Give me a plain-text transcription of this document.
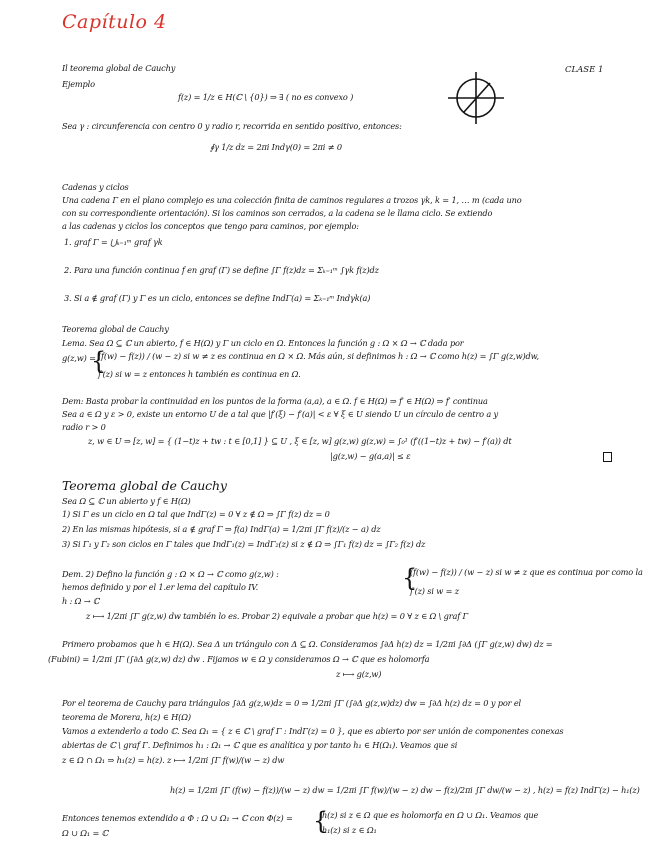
Capítulo 4
CLASE 1
{
{
{
Il teorema global de Cauchy
Ejemplo
f(z) = 1/z ∈ H(ℂ \ {0}) ⇒ ∃ ( no es convexo )
Sea γ : circunferencia con centro 0 y radio r, recorrida en sentido positivo, entonces:
∮γ 1/z dz = 2πi Indγ(0) = 2πi ≠ 0
Cadenas y ciclos
Una cadena Γ en el plano complejo es una colección finita de caminos regulares a trozos γk, k = 1, … m (cada uno
con su correspondiente orientación). Si los caminos son cerrados, a la cadena se le llama ciclo. Se extiendo
a las cadenas y ciclos los conceptos que tengo para caminos, por ejemplo:
1. graf Γ = ⋃ₖ₌₁ᵐ graf γk
2. Para una función continua f en graf (Γ) se define ∫Γ f(z)dz = Σₖ₌₁ᵐ ∫γk f(z)dz
3. Si a ∉ graf (Γ) y Γ es un ciclo, entonces se define IndΓ(a) = Σₖ₌₁ᵐ Indγk(a)
Teorema global de Cauchy
Lema. Sea Ω ⊆ ℂ un abierto, f ∈ H(Ω) y Γ un ciclo en Ω. Entonces la función g : Ω × Ω → ℂ dada por
g(z,w) = (f(w) − f(z)) / (w − z) si w ≠ z es continua en Ω × Ω. Más aún, si definimos h : Ω → ℂ como h(z) = ∫Γ g(z,w)dw,
f′(z) si w = z entonces h también es continua en Ω.
Dem: Basta probar la continuidad en los puntos de la forma (a,a), a ∈ Ω. f ∈ H(Ω) ⇒ f′ ∈ H(Ω) ⇒ f′ continua
Sea a ∈ Ω y ε > 0, existe un entorno U de a tal que |f′(ξ) − f′(a)| < ε ∀ ξ ∈ U siendo U un círculo de centro a y
radio r > 0
z, w ∈ U ⇒ [z, w] = { (1−t)z + tw : t ∈ [0,1] } ⊆ U , ξ ∈ [z, w] g(z,w) g(z,w) = ∫₀¹ (f′((1−t)z + tw) − f′(a)) dt
|g(z,w) − g(a,a)| ≤ ε
Teorema global de Cauchy
Sea Ω ⊆ ℂ un abierto y f ∈ H(Ω)
1) Si Γ es un ciclo en Ω tal que IndΓ(z) = 0 ∀ z ∉ Ω ⇒ ∫Γ f(z) dz = 0
2) En las mismas hipótesis, si a ∉ graf Γ ⇒ f(a) IndΓ(a) = 1/2πi ∫Γ f(z)/(z − a) dz
3) Si Γ₁ y Γ₂ son ciclos en Γ tales que IndΓ₁(z) = IndΓ₂(z) si z ∉ Ω ⇒ ∫Γ₁ f(z) dz = ∫Γ₂ f(z) dz
Dem. 2) Defino la función g : Ω × Ω → ℂ como g(z,w) :	(f(w) − f(z)) / (w − z) si w ≠ z que es continua por como la
f′(z) si w = z
hemos definido y por el 1.er lema del capítulo IV.
h : Ω → ℂ
z ⟼ 1/2πi ∫Γ g(z,w) dw también lo es. Probar 2) equivale a probar que h(z) = 0 ∀ z ∈ Ω \ graf Γ
Primero probamos que h ∈ H(Ω). Sea Δ un triángulo con Δ ⊆ Ω. Consideramos ∫∂Δ h(z) dz = 1/2πi ∫∂Δ (∫Γ g(z,w) dw) dz =
(Fubini) = 1/2πi ∫Γ (∫∂Δ g(z,w) dz) dw . Fijamos w ∈ Ω y consideramos Ω → ℂ que es holomorfa
z ⟼ g(z,w)
Por el teorema de Cauchy para triángulos ∫∂Δ g(z,w)dz = 0 ⇒ 1/2πi ∫Γ (∫∂Δ g(z,w)dz) dw = ∫∂Δ h(z) dz = 0 y por el
teorema de Morera, h(z) ∈ H(Ω)
Vamos a extenderlo a todo ℂ. Sea Ω₁ = { z ∈ ℂ \ graf Γ : IndΓ(z) = 0 }, que es abierto por ser unión de componentes conexas
abiertas de ℂ \ graf Γ. Definimos h₁ : Ω₁ → ℂ que es analítica y por tanto h₁ ∈ H(Ω₁). Veamos que si
z ∈ Ω ∩ Ω₁ ⇒ h₁(z) = h(z). z ⟼ 1/2πi ∫Γ f(w)/(w − z) dw
h(z) = 1/2πi ∫Γ (f(w) − f(z))/(w − z) dw = 1/2πi ∫Γ f(w)/(w − z) dw − f(z)/2πi ∫Γ dw/(w − z) , h(z) = f(z) IndΓ(z) − h₁(z)
Entonces tenemos extendido a Φ : Ω ∪ Ω₁ → ℂ con Φ(z) =	h(z) si z ∈ Ω que es holomorfa en Ω ∪ Ω₁. Veamos que
h₁(z) si z ∈ Ω₁
Ω ∪ Ω₁ = ℂ
